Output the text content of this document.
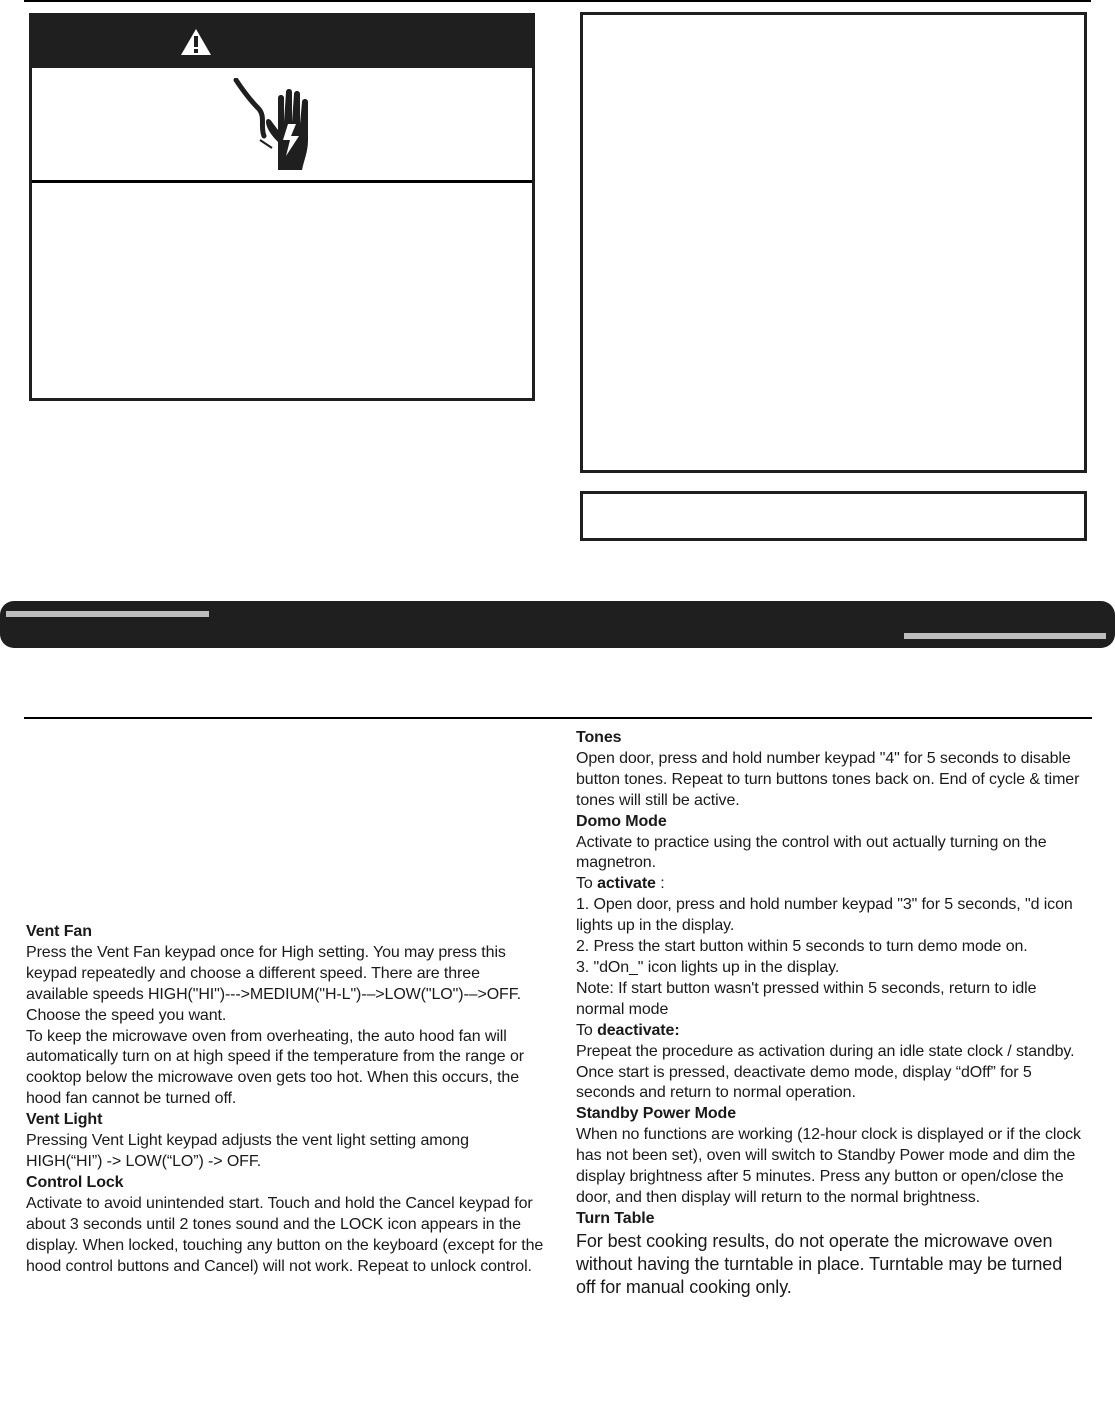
Vent Fan
Press the Vent Fan keypad once for High setting. You may press this keypad repeatedly and choose a different speed. There are three available speeds HIGH("HI")--->MEDIUM("H-L")-–>LOW("LO")-–>OFF. Choose the speed you want.
To keep the microwave oven from overheating, the auto hood fan will automatically turn on at high speed if the temperature from the range or cooktop below the microwave oven gets too hot. When this occurs, the hood fan cannot be turned off.
Vent Light
Pressing Vent Light keypad adjusts the vent light setting among HIGH(“HI”) -> LOW(“LO”) -> OFF.
Control Lock
Activate to avoid unintended start. Touch and hold the Cancel keypad for about 3 seconds until 2 tones sound and the LOCK icon appears in the display. When locked, touching any button on the keyboard (except for the hood control buttons and Cancel) will not work. Repeat to unlock control.
Tones
Open door, press and hold number keypad "4" for 5 seconds to disable button tones. Repeat to turn buttons tones back on. End of cycle & timer tones will still be active.
Domo Mode
Activate to practice using the control with out actually turning on the magnetron.
To activate :
1. Open door, press and hold number keypad "3" for 5 seconds, "d icon lights up in the display.
2. Press the start button within 5 seconds to turn demo mode on.
3. "dOn_" icon lights up in the display.
Note: If start button wasn't pressed within 5 seconds, return to idle normal mode
To deactivate:
Prepeat the procedure as activation during an idle state clock / standby. Once start is pressed, deactivate demo mode, display “dOff” for 5 seconds and return to normal operation.
Standby Power Mode
When no functions are working (12-hour clock is displayed or if the clock has not been set), oven will switch to Standby Power mode and dim the display brightness after 5 minutes. Press any button or open/close the door, and then display will return to the normal brightness.
Turn Table
For best cooking results, do not operate the microwave oven without having the turntable in place. Turntable may be turned off for manual cooking only.
